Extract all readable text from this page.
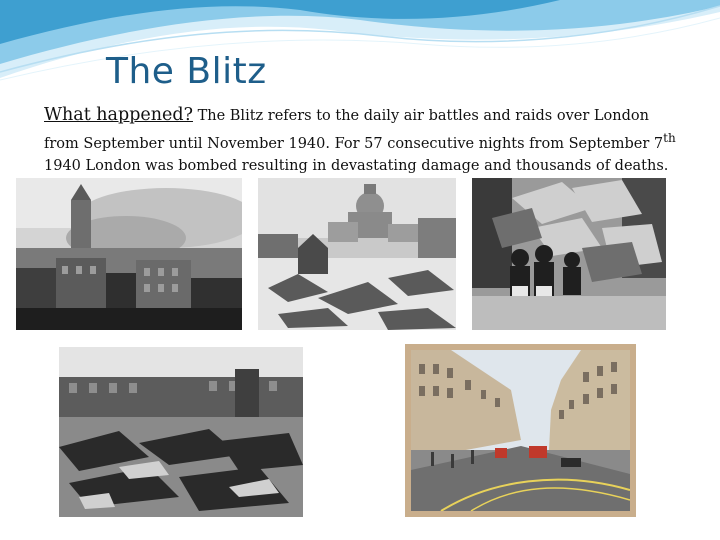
The Blitz

What happened? The Blitz refers to the daily air battles and raids over London from September until November 1940. For 57 consecutive nights from September 7th 1940 London was bombed resulting in devastating damage and thousands of deaths.
